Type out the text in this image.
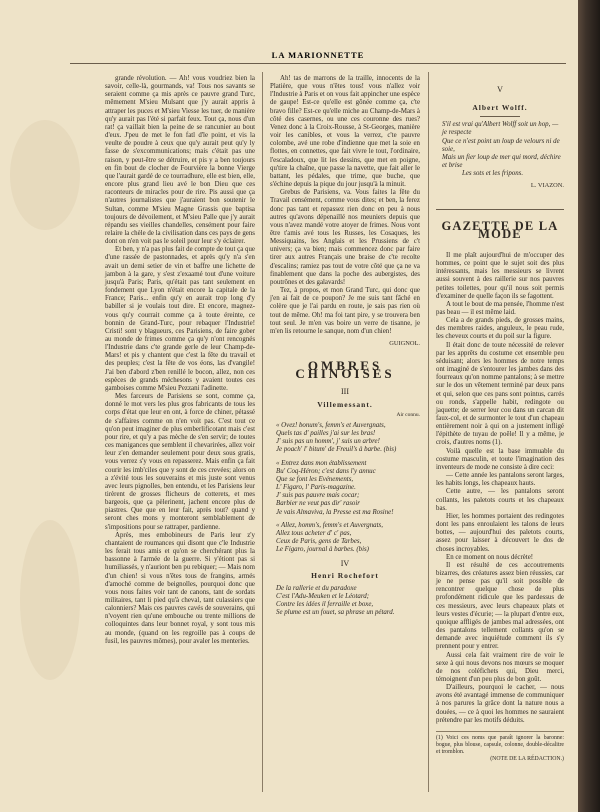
LA MARIONNETTE

grande révolution. — Ah! vous voudriez bien la savoir, celle-là, gourmands, va! Tous nos savants se seraient comme ça mis après ce pauvre grand Turc, mêmement M'sieu Mulsant que j'y aurait appris à attraper les puces et M'sieu Viesse les tuer, de manière qu'y aurait pas l'été si parfait feux. Tout ça, nous d'un rat! ça vaillait bien la peine de se rancunier au bout d'eux. J'peu de met le fon fatl d'le point, et vis la veulte de poudre à ceux que qu'y aurait peut qu'y ly fasse de s'excommunications; mais c'était pas une raison, y peut-être se détruire, et pis y a ben toujours en fin bout de clocher de Fourvière la bonne Vierge que l'aurait gardé de ce tourradhure, elle est bien, elle, encore plus grand lieu avé le bon Dieu que ces raconteurs de miracles pour de rire. Pis aussi que ça n'autres journalistes que j'auraient bon soutenir le Sultan, comme M'sieu Magne Grassis que baptisa toujours de dévoilement, et M'sieu Palle que j'y aurait répandu ses vieilles chandelles, censément pour faire relaire la chèle de la civilisation dans ces pays de gens dont on n'en voit pas le soleil pour leur s'y éclairer.

Et ben, y n'a pas plus fait de compte de tout ça que d'une rassée de pastonnades, et après qu'y n'a s'en avait un demi setier de vin et baffre une lichette de jambon à la gare, y s'est z'exaamé tout d'une voiture jusqu'à Paris; Paris, qu'était pas tant seulement en fondement que Lyon n'était encore la capitale de la France; Paris... enfin qu'y en aurait trop long d'y babiller si je voulais tout dire. Et encore, magnez-vous qu'y courrait comme ça à toute éreinte, ce bonnin de Grand-Turc, pour rebaquer l'Industrie! Cristi! sont y blagueurs, ces Parisiens, de faire gober au monde de frimes comme ça qu'y n'ont rencognés l'Industrie dans c'te grande gerle de leur Champ-de-Mars! et pis y chantent que c'est la fête du travail et des peuples; c'est la fête de vos éons, las d'vangile! J'ai ben d'abord z'ben renillé le bocon, allez, non ces espèces de grands méchesons y avaient toutes ces gamboises comme M'sieu Pezzani l'adinette.

Mes farceurs de Parisiens se sont, comme ça, donné le mot vers les plus gros fabricants de tous les corps d'état que leur en ont, à force de chiner, pétassé de s'affaires comme on n'en voit pas. C'est tout ce qu'on peut imaginer de plus emberlificotant mais c'est pour rire, et qu'y a pas mèche de s'en servir; de toutes ces manigances que semblent il chevarirées, allez voir leur z'en demander seulement pour deux sous gratis, vous verrez s'y vous en repasserez. Mais enfin ça fait courir les imb'ciles que y sont de ces crevées; alors on a z'évité tous les souverains et mis juste sont venus avec leurs pignolles, ben entendu, et les Parisiens leur tirèrent de grosses flicheurs de cotterets, et mes bargeois, que ça pèlerinent, jachent encore plus de piastres. Que que en leur fait, après tout? quand y seront ches mons y monteront semblablement de s'impositions pour se rattraper, pardienne.

Après, mes embobineurs de Paris leur z'y chantaient de roumances qui disont que c'le Industrie les ferait tous amis et qu'on se cherchérant plus la bassonne à l'armée de la guerre. Si y'étiont pas si humiliassés, y n'auriont ben pu rebiquer; — Mais nom d'un chien! si vous n'êtes tous de frangins, armés d'amoché comme de beignolles, pourquoi donc que vous nous faites voir tant de canons, tant de sordats militaires, tant li pied qu'à cheval, tant culassiers que calonniers? Mais ces pauvres cavés de souverains, qui n'voyent rien qu'une embouche ou trente millions de colloquintes dans leur bonnet royal, y sont tous mis au monde, (quand on les regroille pas à coups de fusil, les pauvres mômes), pour avaler les menteries.

Ah! tas de marrons de la traille, innocents de la Platière, que vous n'êtes tous! vous n'allez voir l'Industrie à Paris et on vous fait appincher une espèce de gaupe! Est-ce qu'elle est gônée comme ça, c'te bravo fille? Est-ce qu'elle miche au Champ-de-Mars à côté des casernes, ou une ces couronne des rues? Venez donc à la Croix-Rousse, à St-Georges, manière voir les canibles, et vous la verrez, c'te pauvre colombe, avé une robe d'indienne que met la soie en flottes, en connettes, que fait vivre le tout, l'ordinaire, l'escaladoux, que lit les dessins, que met en poigne, qu'tire la chaîne, que passe la navette, que fait aller le battant, les pédales, que trime, que buche, que s'échine depuis la pique du jour jusqu'à la minuit.

Grebus de Parisiens, va. Vous faites la fête du Travail censément, comme vous dites; et ben, la ferez donc pas tant et repassez rien donc en peu à nous autres qu'avons dépenaillé nos meuniers depuis que vous n'avez mandé votre atoyer de frimes. Nous vont être t'amis avé tous les Russes, les Cosaques, les Messiquains, les Anglais et les Prussiens de c't univers; ça va bien; mais commencez donc par faire tirer aux autres Français une braise de c'te recolte d'escalins; ramiez pas tout de votre côté que ça ne va finablement que dans la poche des aubergistes, des poutrônes et des galavards!

Tez, à propos, et mon Grand Turc, qui donc que j'en ai fait de ce poupon? Je me suis tant fâché en colère que je l'ai pardu en route, je sais pas rien où tout de même. Oh! ma foi tant pire, y se trouvera ben tout seul. Je m'en vas boire un verre de tisanne, je m'en lis retourne le sanque, nom d'un chien!

GUIGNOL.
OMBRES CHINOISES
III
Villemessant.
Air connu.

« Ovez! bonum's, femm's et Auvergnats,

Quels tas d' pailles j'ai sur les bras!

J' suis pas un homm', j' suis un arbre!

Je poach' l' bitum' de Freuil's à barbe. (bis)

« Entrez dans mon établissement

Bu' Coq-Héron; c'est dans l'y annuc

Que se font les Evénements,

L' Figaro, l' Paris-magazine.

J' suis pas pauvre mais cocar;

Barbier ne veut pas dir' rasoir

Je vais Almaviva, la Presse est ma Rosine!

« Allez, homm's, femm's et Auvergnats,

Allez tous acheter d' c' pas,

Ceux de Paris, gens de Tarbes,

Le Figaro, journal à barbes. (bis)

IV
Henri Rochefort

De la rallerie et du paradoxe

C'est l'Adu-Meuken et le Léotard;

Contre les idées il ferraille et boxe,

Se plume est un fouet, sa phrase un pétard.

V
Albert Wolff.

S'il est vrai qu'Albert Wolff soit un hop, — je respecte

Que ce n'est point un loup de velours ni de soie,

Mais un fier loup de mer qui mord, déchire et brise

Les sots et les fripons.

L. VIAZON.
GAZETTE DE LA MODE

Il me plaît aujourd'hui de m'occuper des hommes, ce point que le sujet soit des plus intéressants, mais les messieurs se livrent aussi souvent à des raillerie sur nos pauvres petites toilettes, pour qu'il nous soit permis d'examiner de quelle façon ils se fagottent.

A tout le bout de ma pensée, l'homme n'est pas beau — il est même laid.

Cela a de grands pieds, de grosses mains, des membres raides, anguleux, le peau rude, les cheveux courts et du poil sur la figure.

Il était donc de toute nécessité de relever par les apprêts du costume cet ensemble peu séduisant; alors les hommes de notre temps ont imaginé de s'entourer les jambes dans des fourreaux qu'on nomme pantalons; à se mettre sur le dos un vêtement terminé par deux pans et qui, selon que ces pans sont pointus, carrés ou ronds, s'appelle habit, redingote ou jaquette; de serrer leur cou dans un carcan dit faux-col, et de surmonter le tout d'un chapeau entièrement noir à qui on a justement infligé l'épithète de tuyau de poêle! Il y a même, je crois, d'autres noms (1).

Voilà quelle est la base immuable du costume masculin, et toute l'imagination des inventeurs de mode ne consiste à dire ceci:

— Cette année les pantalons seront larges, les habits longs, les chapeaux hauts.

Cette autre, — les pantalons seront collants, les paletots courts et les chapeaux bas.

Hier, les hommes portaient des redingotes dont les pans enroulaient les talons de leurs bottes, — aujourd'hui des paletots courts, assez pour laisser à découvert le dos de choses incroyables.

En ce moment on nous décrète!

Il est résulté de ces accoutrements bizarres, des créatures assez bien réussies, car je ne pense pas qu'il soit possible de rencontrer quelque chose de plus profondément ridicule que les pardessus de ces messieurs, avec leurs chapeaux plats et leurs vestes d'écurie; — la plupart d'entre eux, quoique affligés de jambes mal adressées, ont des pantalons tellement collants qu'on se demande avec inquiétude comment ils s'y prennent pour y entrer.

Aussi cela fait vraiment rire de voir le sexe à qui nous devons nos mœurs se moquer de nos coléfichets qui, Dieu merci, témoignent d'un peu plus de bon goût.

D'ailleurs, pourquoi le cacher, — nous avons été avantagé immense de communiquer à nos parures la grâce dont la nature nous a douées, — ce à quoi les hommes ne sauraient prétendre par les motifs déduits.

(1) Voici ces noms que paraît ignorer la baronne: bogue, plus blouse, capsule, colonne, double-décalitre et tromblon.
(NOTE DE LA RÉDACTION.)
